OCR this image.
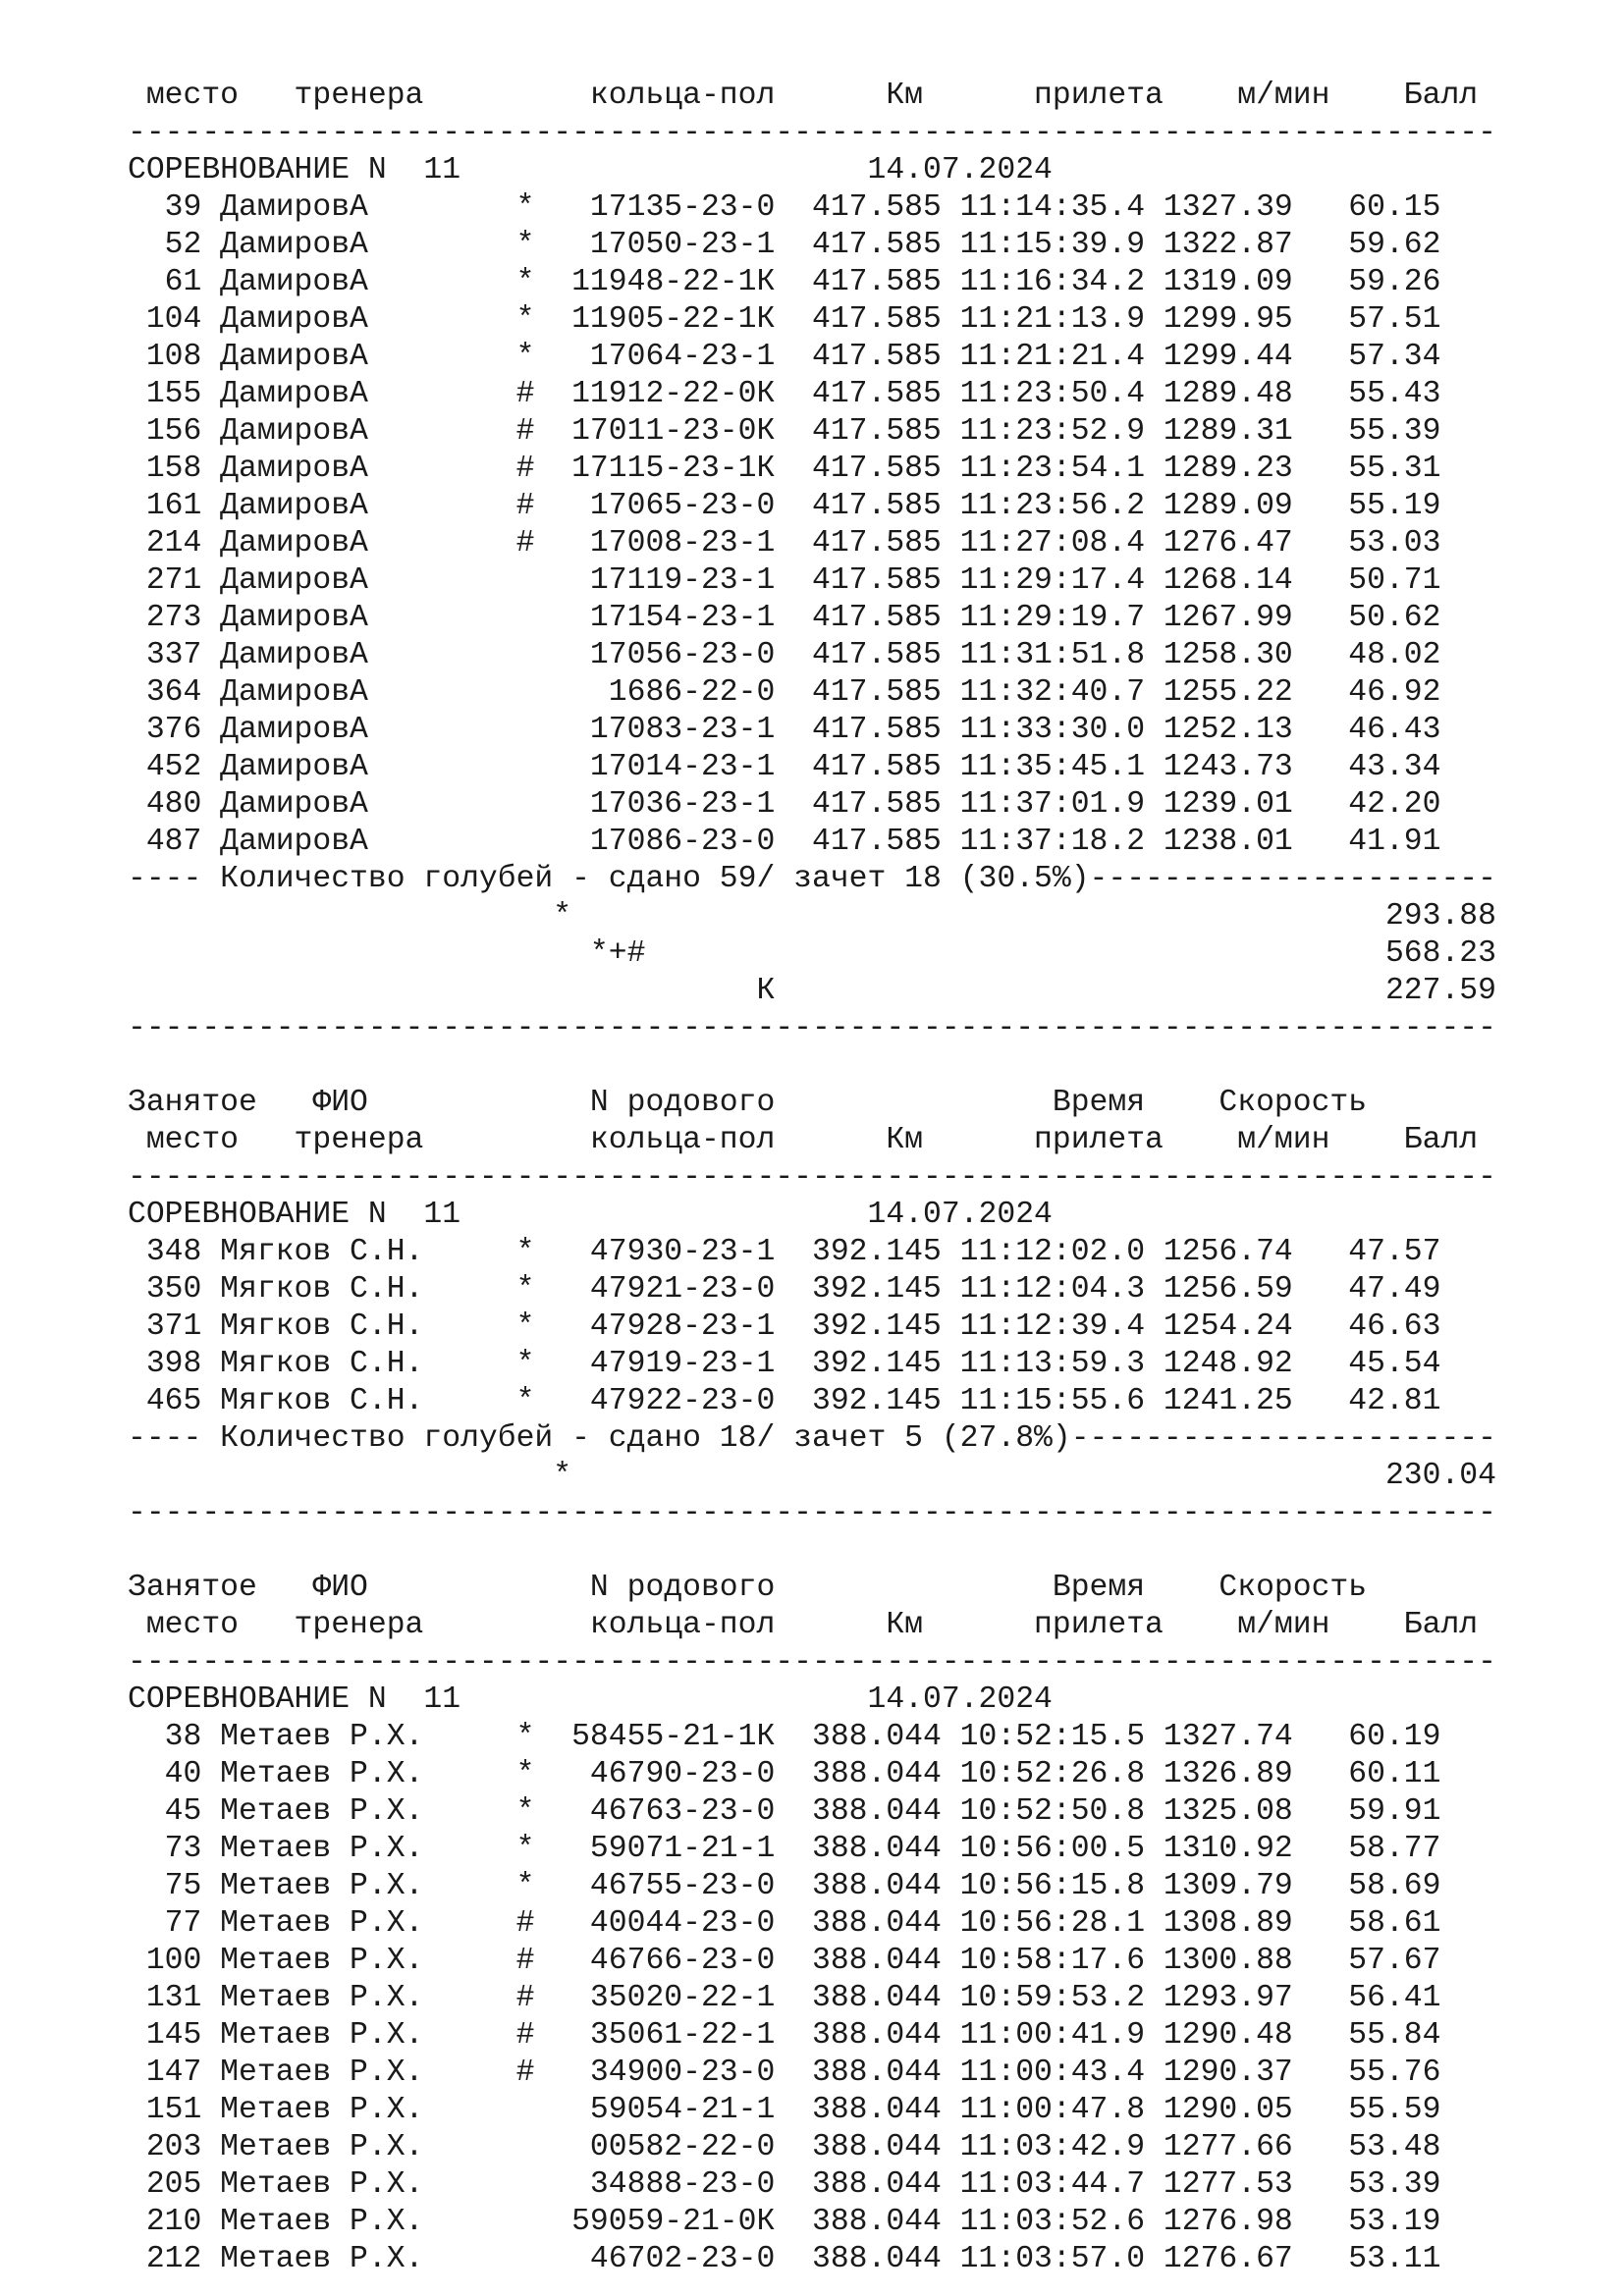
место   тренера         кольца-пол      Км      прилета    м/мин    Балл
--------------------------------------------------------------------------
СОРЕВНОВАНИЕ N  11                      14.07.2024
39 ДамировА        *   17135-23-0  417.585 11:14:35.4 1327.39   60.15
52 ДамировА        *   17050-23-1  417.585 11:15:39.9 1322.87   59.62
61 ДамировА        *  11948-22-1К  417.585 11:16:34.2 1319.09   59.26
104 ДамировА        *  11905-22-1К  417.585 11:21:13.9 1299.95   57.51
108 ДамировА        *   17064-23-1  417.585 11:21:21.4 1299.44   57.34
155 ДамировА        #  11912-22-0К  417.585 11:23:50.4 1289.48   55.43
156 ДамировА        #  17011-23-0К  417.585 11:23:52.9 1289.31   55.39
158 ДамировА        #  17115-23-1К  417.585 11:23:54.1 1289.23   55.31
161 ДамировА        #   17065-23-0  417.585 11:23:56.2 1289.09   55.19
214 ДамировА        #   17008-23-1  417.585 11:27:08.4 1276.47   53.03
271 ДамировА            17119-23-1  417.585 11:29:17.4 1268.14   50.71
273 ДамировА            17154-23-1  417.585 11:29:19.7 1267.99   50.62
337 ДамировА            17056-23-0  417.585 11:31:51.8 1258.30   48.02
364 ДамировА             1686-22-0  417.585 11:32:40.7 1255.22   46.92
376 ДамировА            17083-23-1  417.585 11:33:30.0 1252.13   46.43
452 ДамировА            17014-23-1  417.585 11:35:45.1 1243.73   43.34
480 ДамировА            17036-23-1  417.585 11:37:01.9 1239.01   42.20
487 ДамировА            17086-23-0  417.585 11:37:18.2 1238.01   41.91
---- Количество голубей - сдано 59/ зачет 18 (30.5%)----------------------
*                                            293.88
*+#                                        568.23
К                                 227.59
--------------------------------------------------------------------------
Занятое   ФИО            N родового               Время    Скорость
место   тренера         кольца-пол      Км      прилета    м/мин    Балл
--------------------------------------------------------------------------
СОРЕВНОВАНИЕ N  11                      14.07.2024
348 Мягков С.Н.     *   47930-23-1  392.145 11:12:02.0 1256.74   47.57
350 Мягков С.Н.     *   47921-23-0  392.145 11:12:04.3 1256.59   47.49
371 Мягков С.Н.     *   47928-23-1  392.145 11:12:39.4 1254.24   46.63
398 Мягков С.Н.     *   47919-23-1  392.145 11:13:59.3 1248.92   45.54
465 Мягков С.Н.     *   47922-23-0  392.145 11:15:55.6 1241.25   42.81
---- Количество голубей - сдано 18/ зачет 5 (27.8%)-----------------------
*                                            230.04
--------------------------------------------------------------------------
Занятое   ФИО            N родового               Время    Скорость
место   тренера         кольца-пол      Км      прилета    м/мин    Балл
--------------------------------------------------------------------------
СОРЕВНОВАНИЕ N  11                      14.07.2024
38 Метаев Р.Х.     *  58455-21-1К  388.044 10:52:15.5 1327.74   60.19
40 Метаев Р.Х.     *   46790-23-0  388.044 10:52:26.8 1326.89   60.11
45 Метаев Р.Х.     *   46763-23-0  388.044 10:52:50.8 1325.08   59.91
73 Метаев Р.Х.     *   59071-21-1  388.044 10:56:00.5 1310.92   58.77
75 Метаев Р.Х.     *   46755-23-0  388.044 10:56:15.8 1309.79   58.69
77 Метаев Р.Х.     #   40044-23-0  388.044 10:56:28.1 1308.89   58.61
100 Метаев Р.Х.     #   46766-23-0  388.044 10:58:17.6 1300.88   57.67
131 Метаев Р.Х.     #   35020-22-1  388.044 10:59:53.2 1293.97   56.41
145 Метаев Р.Х.     #   35061-22-1  388.044 11:00:41.9 1290.48   55.84
147 Метаев Р.Х.     #   34900-23-0  388.044 11:00:43.4 1290.37   55.76
151 Метаев Р.Х.         59054-21-1  388.044 11:00:47.8 1290.05   55.59
203 Метаев Р.Х.         00582-22-0  388.044 11:03:42.9 1277.66   53.48
205 Метаев Р.Х.         34888-23-0  388.044 11:03:44.7 1277.53   53.39
210 Метаев Р.Х.        59059-21-0К  388.044 11:03:52.6 1276.98   53.19
212 Метаев Р.Х.         46702-23-0  388.044 11:03:57.0 1276.67   53.11
